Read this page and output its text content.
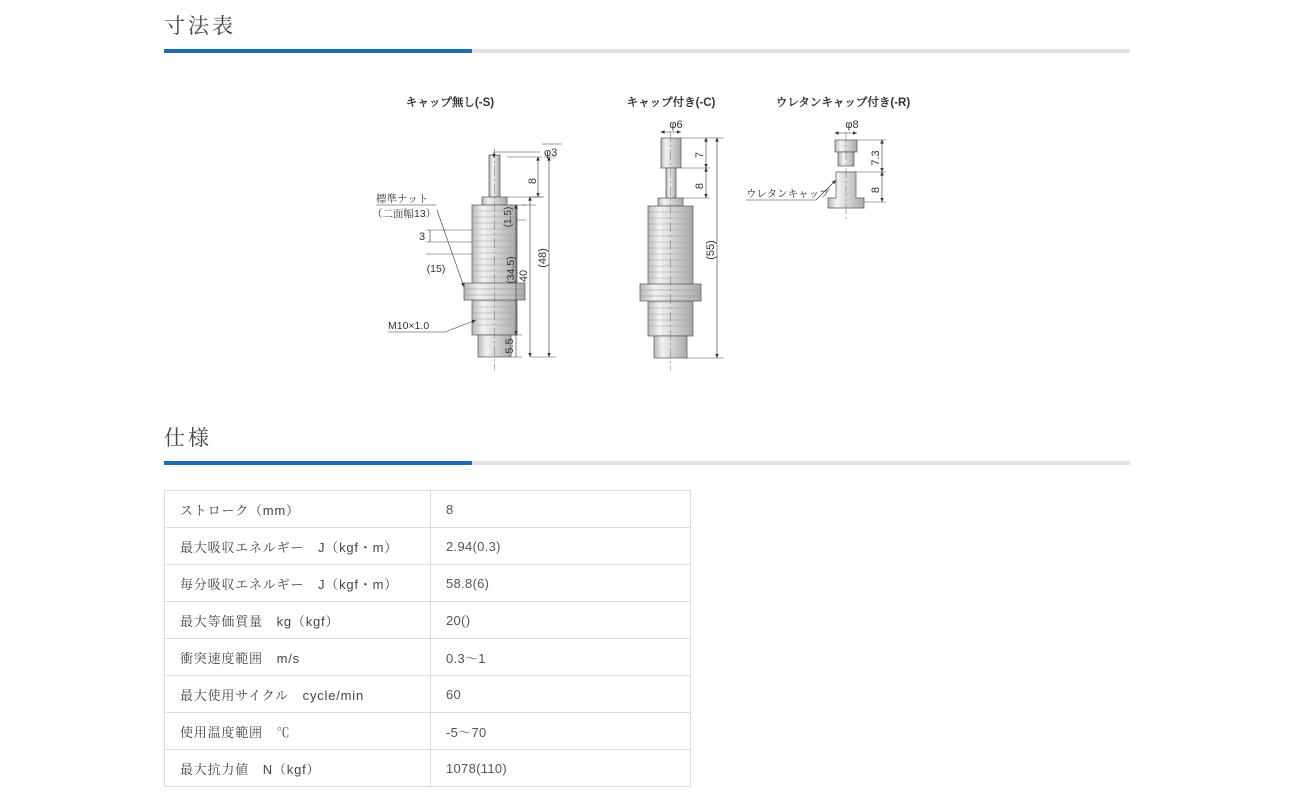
寸法表
キャップ無し(-S)	キャップ付き(-C)	ウレタンキャップ付き(-R)
φ3
標準ナット
（二面幅13）
M10×1.0
8
(1.5)
3
(15)	(34.5) 40
(48)
5.5
φ6
7
8
(55)
φ8
ウレタンキャップ
7.3
8
仕様
ストローク（mm）	8
最大吸収エネルギー　J（kgf・m）	2.94(0.3)
毎分吸収エネルギー　J（kgf・m）	58.8(6)
最大等価質量　kg（kgf）	20()
衝突速度範囲　m/s	0.3〜1
最大使用サイクル　cycle/min	60
使用温度範囲　℃	-5〜70
最大抗力値　N（kgf）	1078(110)
